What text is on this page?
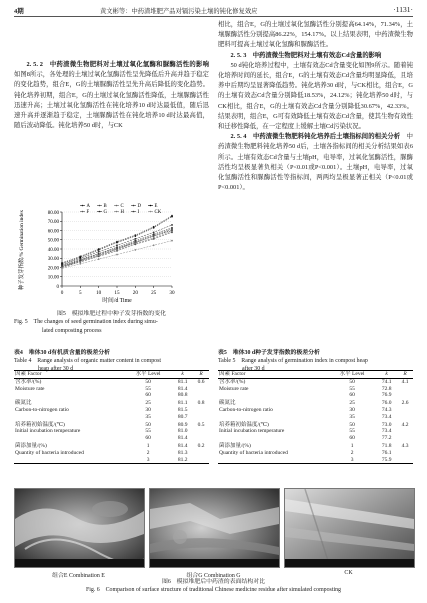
4期	黄文彬等：中药渣堆肥产品对镉污染土壤的钝化修复效应	·1131·

2. 5. 2　中药渣微生物肥料对土壤过氧化氢酶和脲酶活性的影响　如图8所示，各处理的土壤过氧化氢酶活性呈先降低后升高并趋于稳定的变化趋势，组合E，G的土壤脲酶活性呈先升高后降低的变化趋势。钝化培养初期，组合E，G的土壤过氧化氢酶活性降低，土壤脲酶活性迅速升高；土壤过氧化氢酶活性在钝化培养10 d时达最低值，随后迅速升高并逐渐趋于稳定，土壤脲酶活性在钝化培养10 d时达最高值，随后波动降低。钝化培养50 d时，与CK

0
10.00
20.00
30.00
40.00
50.00
60.00
70.00
80.00
0	5	10	15	20	25	30
A	B	C	D	E
F	G	H	I	CK
时间/d Time
种子发芽指数/% Germination index
图5　模拟堆肥过程中种子发芽指数的变化
Fig. 5　The changes of seed germination index during simu-
lated composting process
表4　堆体30 d有机质含量的极差分析
Table 4　Range analysis of organic matter content in compost
heap after 30 d
因素 Factor	水平 Level	k	R
含水率/(%)	50	81.1	0.6
Moisture rate	55	81.4	
	60	80.8	
碳氮比	25	81.1	0.8
Carbon-to-nitrogen ratio	30	81.5	
	35	80.7	
培养箱初始温度/(℃)	50	80.9	0.5
Initial incubation temperature	55	81.0	
	60	81.4	
菌添加量/(%)	1	81.4	0.2
Quantity of bacteria introduced	2	81.3	
	3	81.2	
表5　堆体30 d种子发芽指数的极差分析
Table 5　Range analysis of germination index in compost heap
after 30 d
因素 Factor	水平 Level	k	R
含水率/(%)	50	74.1	4.1
Moisture rate	55	72.8	
	60	76.9	
碳氮比	25	76.0	2.6
Carbon-to-nitrogen ratio	30	74.3	
	35	73.4	
培养箱初始温度/(℃)	50	73.0	4.2
Initial incubation temperature	55	73.4	
	60	77.2	
菌添加量/(%)	1	71.8	4.3
Quantity of bacteria introduced	2	76.1	
	3	75.9	

相比，组合E，G的土壤过氧化氢酶活性分别提高64.14%，71.34%，土壤脲酶活性分别提高86.22%，154.17%。以上结果表明，中药渣微生物肥料可提高土壤过氧化氢酶和脲酶活性。

2. 5. 3　中药渣微生物肥料对土壤有效态Cd含量的影响

50 d钝化培养过程中，土壤有效态Cd含量变化如图9所示。随着钝化培养时间的延长，组合E，G的土壤有效态Cd含量均明显降低，且培养中后期均呈显著降低趋势。钝化培养30 d时，与CK相比，组合E，G的土壤有效态Cd含量分别降低18.53%，24.12%；钝化培养50 d时，与CK相比，组合E，G的土壤有效态Cd含量分别降低30.67%，42.33%。结果表明，组合E，G可有效降低土壤有效态Cd含量，使其生物有效性和迁移性降低，在一定程度上缓解土壤Cd污染状况。

2. 5. 4　中药渣微生物肥料钝化培养后土壤指标间的相关分析　 中药渣微生物肥料钝化培养50 d后，土壤各指标间的相关分析结果如表6所示。土壤有效态Cd含量与土壤pH，电导率，过氧化氢酶活性，脲酶活性均呈极显著负相关（P<0.01或P<0.001）。土壤pH，电导率，过氧化氢酶活性和脲酶活性等指标间，两两均呈极显著正相关（P<0.01或P<0.001）。

组合E Combination E	组合G Combination G	CK
图6　模拟堆肥后中药渣的表面结构对比
Fig. 6　Comparison of surface structure of traditional Chinese medicine residue after simulated composting
